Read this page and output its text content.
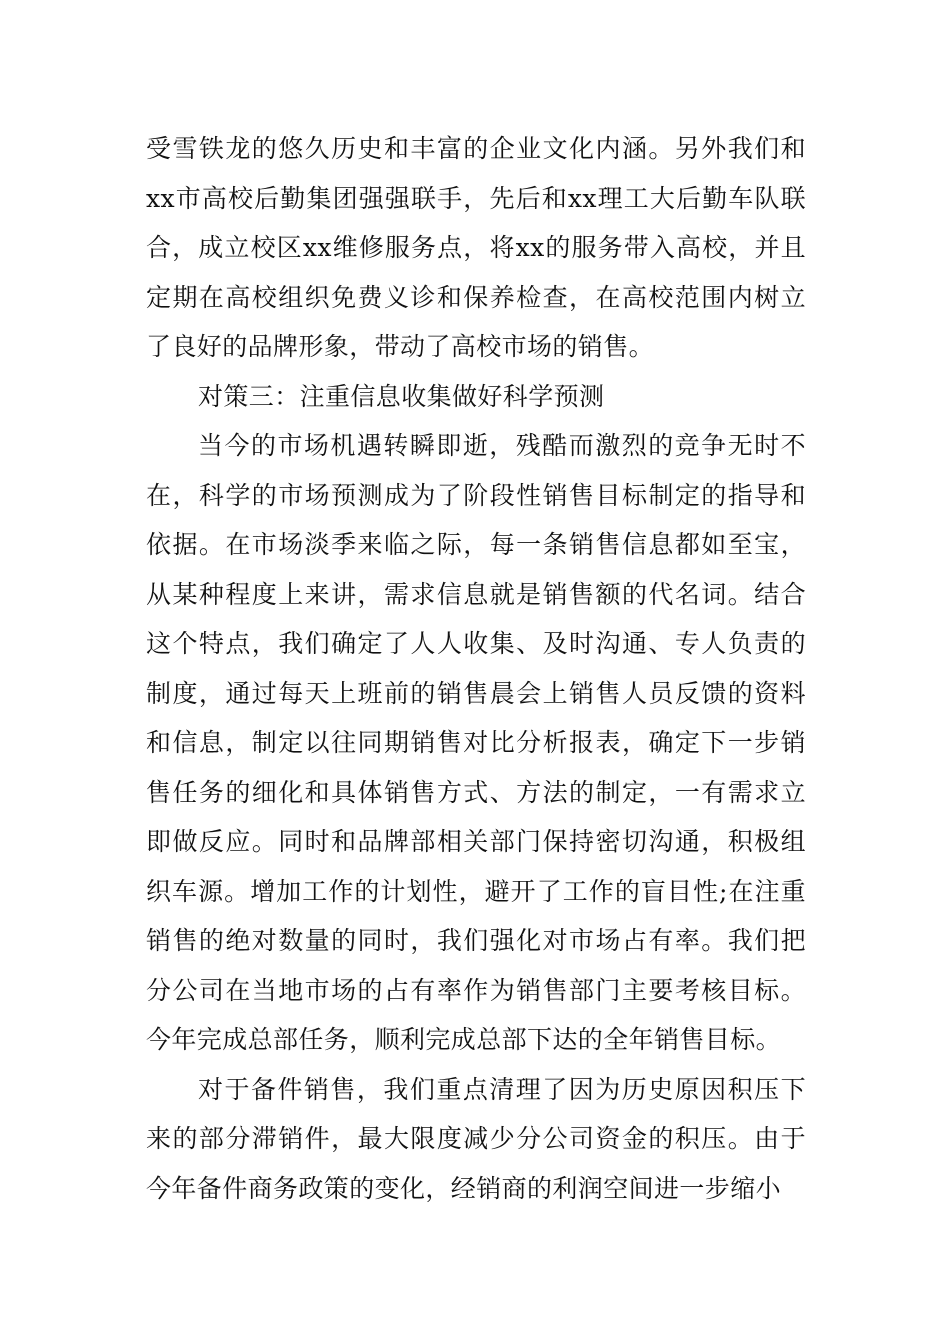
受雪铁龙的悠久历史和丰富的企业文化内涵。另外我们和xx市高校后勤集团强强联手，先后和xx理工大后勤车队联合，成立校区xx维修服务点，将xx的服务带入高校，并且定期在高校组织免费义诊和保养检查，在高校范围内树立了良好的品牌形象，带动了高校市场的销售。

对策三：注重信息收集做好科学预测

当今的市场机遇转瞬即逝，残酷而激烈的竞争无时不在，科学的市场预测成为了阶段性销售目标制定的指导和依据。在市场淡季来临之际，每一条销售信息都如至宝，从某种程度上来讲，需求信息就是销售额的代名词。结合这个特点，我们确定了人人收集、及时沟通、专人负责的制度，通过每天上班前的销售晨会上销售人员反馈的资料和信息，制定以往同期销售对比分析报表，确定下一步销售任务的细化和具体销售方式、方法的制定，一有需求立即做反应。同时和品牌部相关部门保持密切沟通，积极组织车源。增加工作的计划性，避开了工作的盲目性;在注重销售的绝对数量的同时，我们强化对市场占有率。我们把分公司在当地市场的占有率作为销售部门主要考核目标。今年完成总部任务，顺利完成总部下达的全年销售目标。

对于备件销售，我们重点清理了因为历史原因积压下来的部分滞销件，最大限度减少分公司资金的积压。由于今年备件商务政策的变化，经销商的利润空间进一步缩小
